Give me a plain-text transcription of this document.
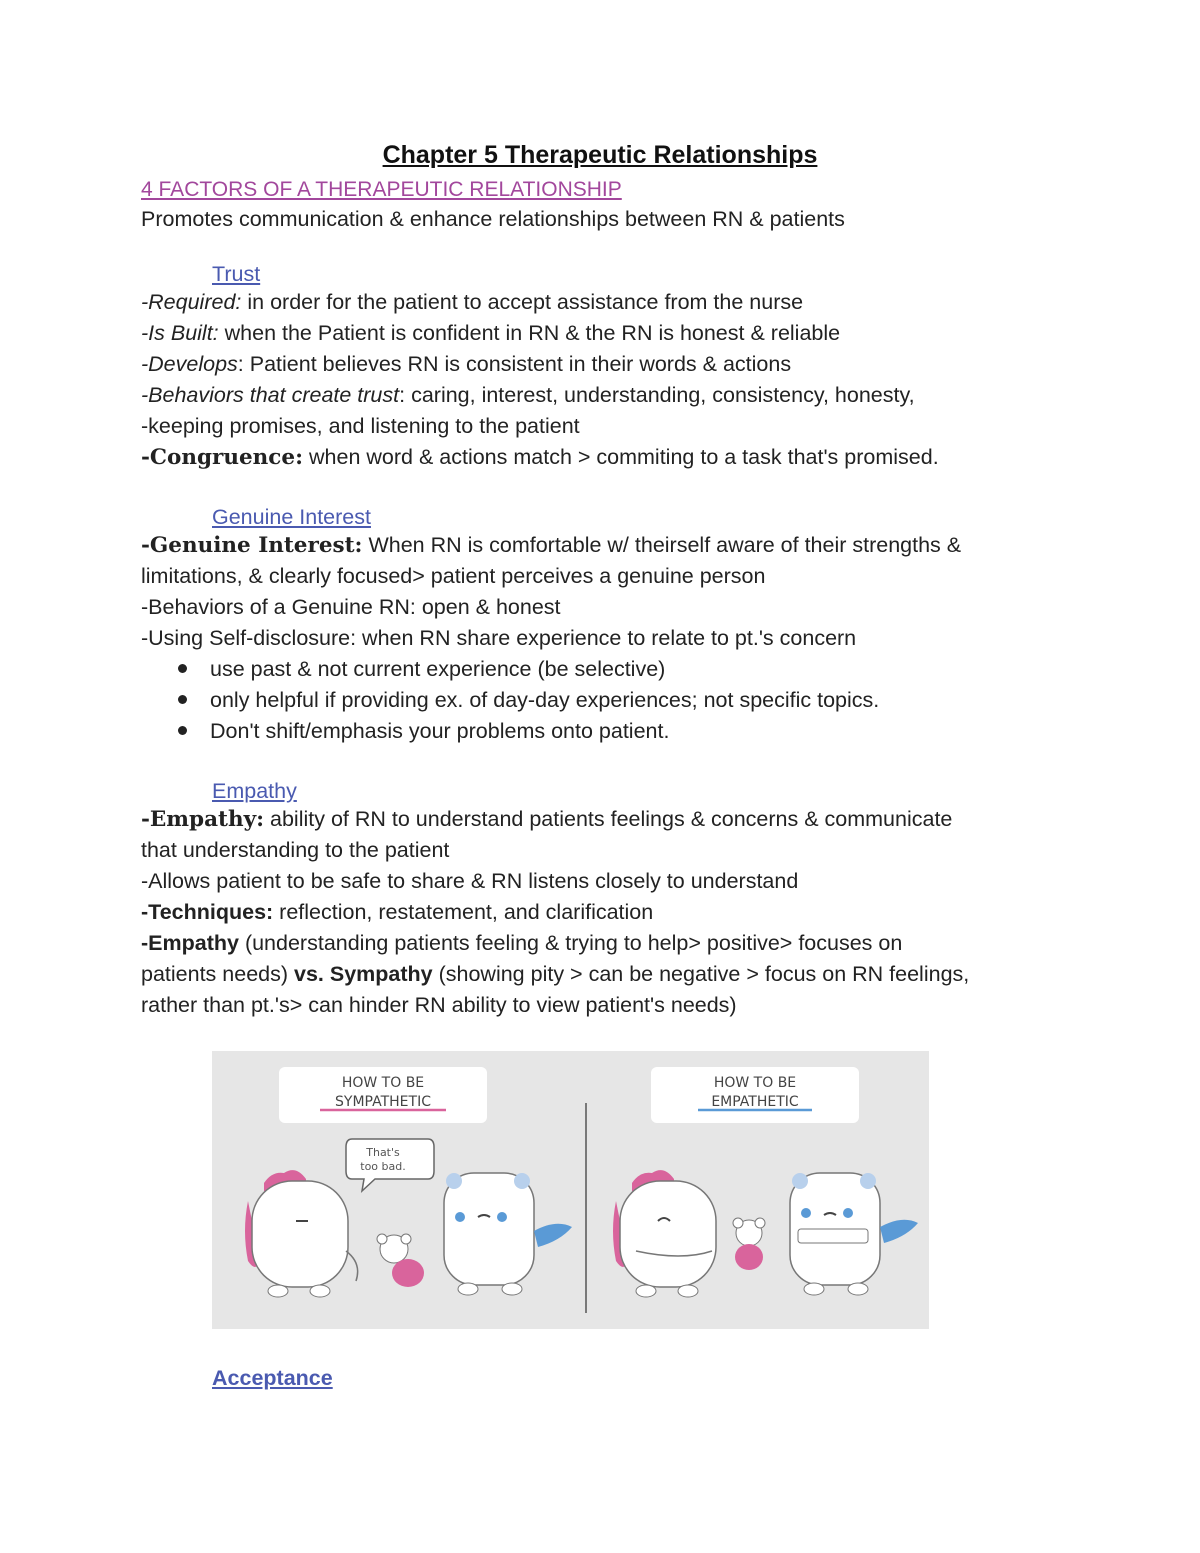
Chapter 5 Therapeutic Relationships

4 FACTORS OF A THERAPEUTIC RELATIONSHIP

Promotes communication & enhance relationships between RN & patients

Trust

-Required: in order for the patient to accept assistance from the nurse

-Is Built: when the Patient is confident in RN & the RN is honest & reliable

-Develops: Patient believes RN is consistent in their words & actions

-Behaviors that create trust: caring, interest, understanding, consistency, honesty,

-keeping promises, and listening to the patient

-Congruence: when word & actions match > commiting to a task that's promised.

Genuine Interest

-Genuine Interest: When RN is comfortable w/ theirself aware of their strengths &

limitations, & clearly focused> patient perceives a genuine person

-Behaviors of a Genuine RN: open & honest

-Using Self-disclosure: when RN share experience to relate to pt.'s concern

use past & not current experience (be selective)

only helpful if providing ex. of day-day experiences; not specific topics.

Don't shift/emphasis your problems onto patient.

Empathy

-Empathy: ability of RN to understand patients feelings & concerns & communicate

that understanding to the patient

-Allows patient to be safe to share & RN listens closely to understand

-Techniques: reflection, restatement, and clarification

-Empathy (understanding patients feeling & trying to help> positive> focuses on

patients needs) vs. Sympathy (showing pity > can be negative > focus on RN feelings,

rather than pt.'s> can hinder RN ability to view patient's needs)

HOW TO BE
SYMPATHETIC
HOW TO BE
EMPATHETIC
That's
too bad.

Acceptance
